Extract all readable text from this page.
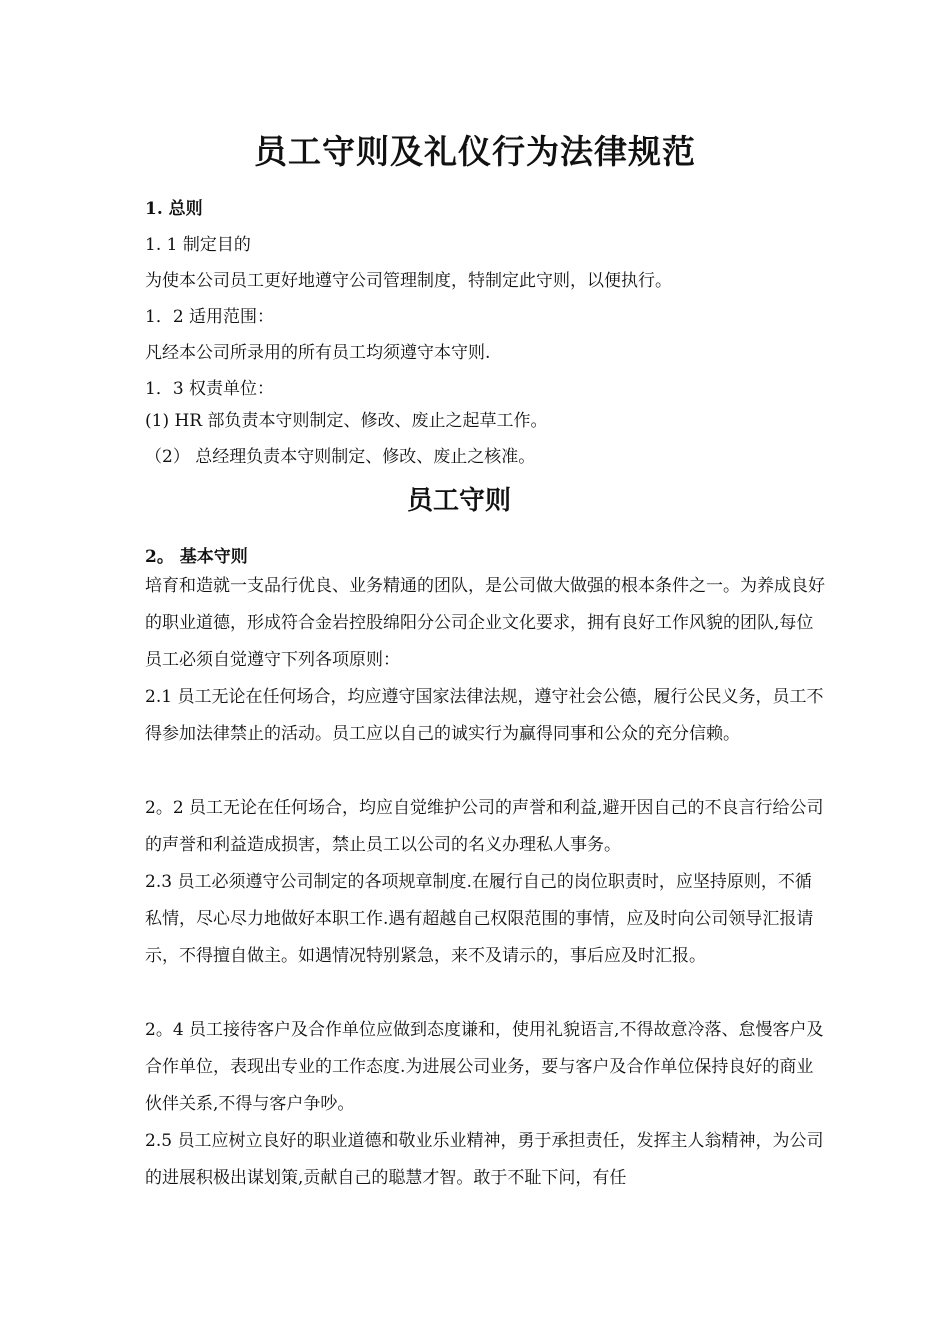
员工守则及礼仪行为法律规范

1. 总则

1. 1 制定目的

为使本公司员工更好地遵守公司管理制度，特制定此守则，以便执行。

1．2 适用范围：

凡经本公司所录用的所有员工均须遵守本守则.

1．3 权责单位：

(1) HR 部负责本守则制定、修改、废止之起草工作。

（2） 总经理负责本守则制定、修改、废止之核准。

员工守则

2。 基本守则

培育和造就一支品行优良、业务精通的团队，是公司做大做强的根本条件之一。为养成良好的职业道德，形成符合金岩控股绵阳分公司企业文化要求，拥有良好工作风貌的团队,每位员工必须自觉遵守下列各项原则：

2.1 员工无论在任何场合，均应遵守国家法律法规，遵守社会公德，履行公民义务，员工不得参加法律禁止的活动。员工应以自己的诚实行为赢得同事和公众的充分信赖。

2。2 员工无论在任何场合，均应自觉维护公司的声誉和利益,避开因自己的不良言行给公司的声誉和利益造成损害，禁止员工以公司的名义办理私人事务。

2.3 员工必须遵守公司制定的各项规章制度.在履行自己的岗位职责时，应坚持原则，不循私情，尽心尽力地做好本职工作.遇有超越自己权限范围的事情，应及时向公司领导汇报请示，不得擅自做主。如遇情况特别紧急，来不及请示的，事后应及时汇报。

2。4 员工接待客户及合作单位应做到态度谦和，使用礼貌语言,不得故意冷落、怠慢客户及合作单位，表现出专业的工作态度.为进展公司业务，要与客户及合作单位保持良好的商业伙伴关系,不得与客户争吵。

2.5 员工应树立良好的职业道德和敬业乐业精神，勇于承担责任，发挥主人翁精神，为公司的进展积极出谋划策,贡献自己的聪慧才智。敢于不耻下问，有任
